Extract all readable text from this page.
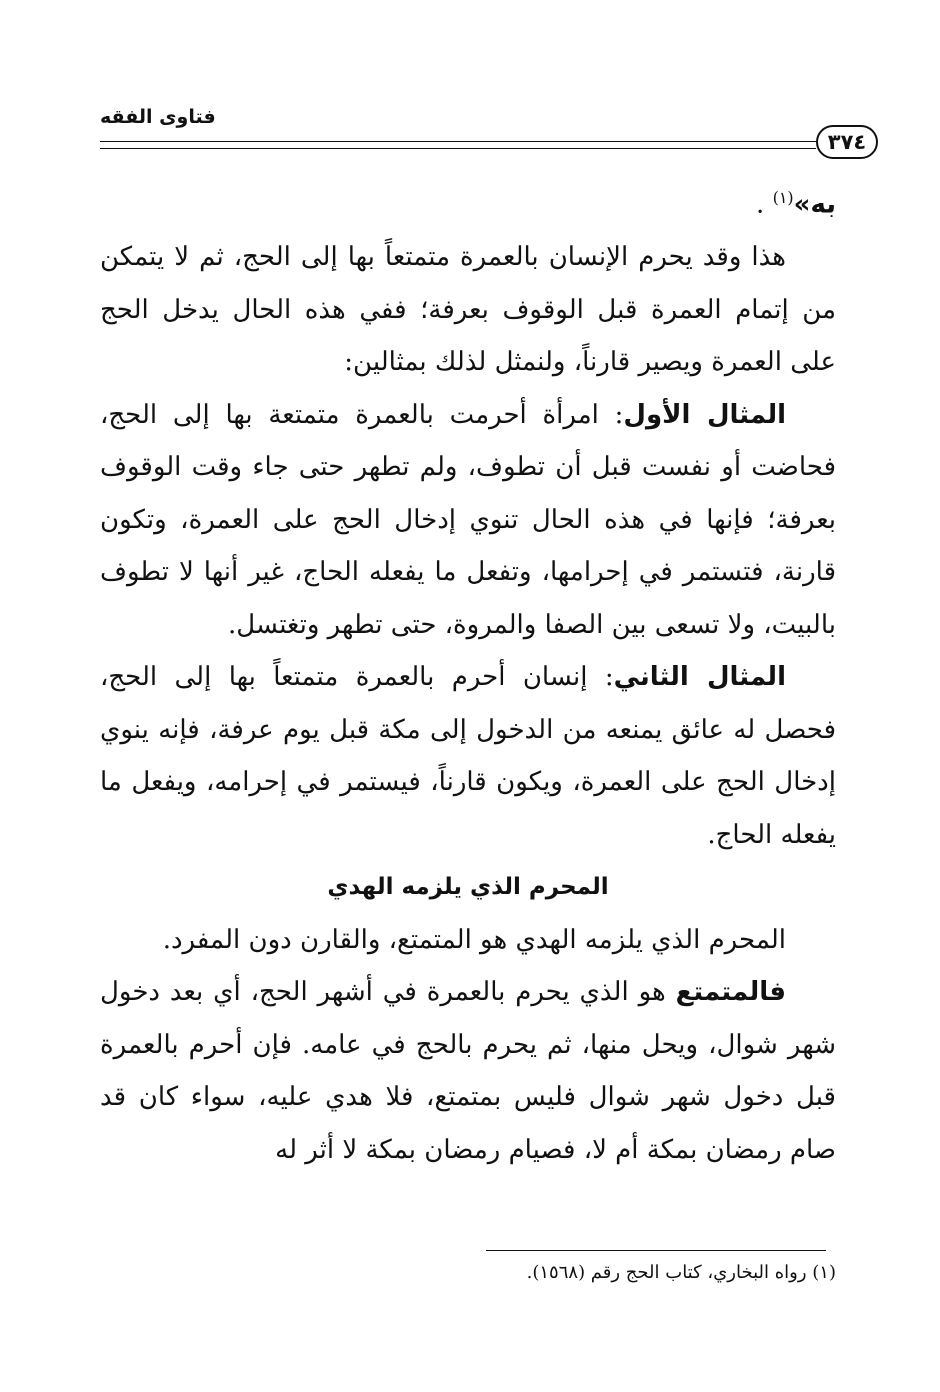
فتاوى الفقه
٣٧٤

به»$^{(١)}$ .

هذا وقد يحرم الإنسان بالعمرة متمتعاً بها إلى الحج، ثم لا يتمكن من إتمام العمرة قبل الوقوف بعرفة؛ ففي هذه الحال يدخل الحج على العمرة ويصير قارناً، ولنمثل لذلك بمثالين:

المثال الأول: امرأة أحرمت بالعمرة متمتعة بها إلى الحج، فحاضت أو نفست قبل أن تطوف، ولم تطهر حتى جاء وقت الوقوف بعرفة؛ فإنها في هذه الحال تنوي إدخال الحج على العمرة، وتكون قارنة، فتستمر في إحرامها، وتفعل ما يفعله الحاج، غير أنها لا تطوف بالبيت، ولا تسعى بين الصفا والمروة، حتى تطهر وتغتسل.

المثال الثاني: إنسان أحرم بالعمرة متمتعاً بها إلى الحج، فحصل له عائق يمنعه من الدخول إلى مكة قبل يوم عرفة، فإنه ينوي إدخال الحج على العمرة، ويكون قارناً، فيستمر في إحرامه، ويفعل ما يفعله الحاج.

المحرم الذي يلزمه الهدي

المحرم الذي يلزمه الهدي هو المتمتع، والقارن دون المفرد.

فالمتمتع هو الذي يحرم بالعمرة في أشهر الحج، أي بعد دخول شهر شوال، ويحل منها، ثم يحرم بالحج في عامه. فإن أحرم بالعمرة قبل دخول شهر شوال فليس بمتمتع، فلا هدي عليه، سواء كان قد صام رمضان بمكة أم لا، فصيام رمضان بمكة لا أثر له

(١) رواه البخاري، كتاب الحج رقم (١٥٦٨).
